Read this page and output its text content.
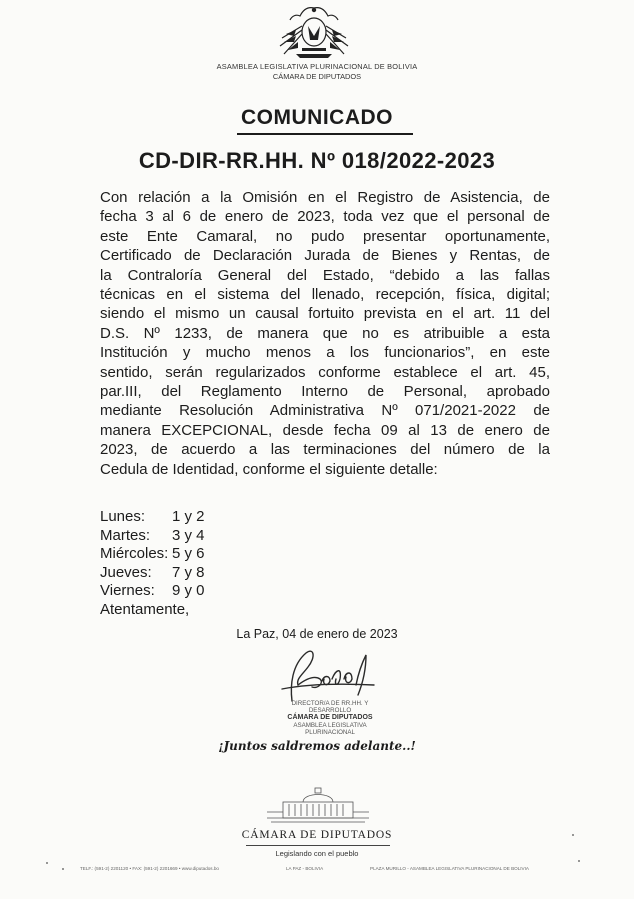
ASAMBLEA LEGISLATIVA PLURINACIONAL DE BOLIVIA
CÁMARA DE DIPUTADOS
COMUNICADO
CD-DIR-RR.HH. Nº 018/2022-2023
Con relación a la Omisión en el Registro de Asistencia, de
fecha 3 al 6 de enero de 2023, toda vez que el personal de
este Ente Camaral, no pudo presentar oportunamente,
Certificado de Declaración Jurada de Bienes y Rentas, de
la Contraloría General del Estado, “debido a las fallas
técnicas en el sistema del llenado, recepción, física, digital;
siendo el mismo un causal fortuito prevista en el art. 11 del
D.S. Nº 1233, de manera que no es atribuible a esta
Institución y mucho menos a los funcionarios”, en este
sentido, serán regularizados conforme establece el art. 45,
par.III, del Reglamento Interno de Personal, aprobado
mediante Resolución Administrativa Nº 071/2021-2022 de
manera EXCEPCIONAL, desde fecha 09 al 13 de enero de
2023, de acuerdo a las terminaciones del número de la
Cedula de Identidad, conforme el siguiente detalle:
Lunes:	1 y 2
Martes:	3 y 4
Miércoles: 5 y 6
Jueves:	7 y 8
Viernes:	9 y 0
Atentamente,
La Paz, 04 de enero de 2023
DIRECTOR/A DE RR.HH. Y DESARROLLO
CÁMARA DE DIPUTADOS
ASAMBLEA LEGISLATIVA PLURINACIONAL
¡Juntos saldremos adelante..!
CÁMARA DE DIPUTADOS
Legislando con el pueblo
TELF.: (591-2) 2201120 • FAX: (591-2) 2201669 • www.diputados.bo	LA PAZ - BOLIVIA	PLAZA MURILLO - ASAMBLEA LEGISLATIVA PLURINACIONAL DE BOLIVIA
